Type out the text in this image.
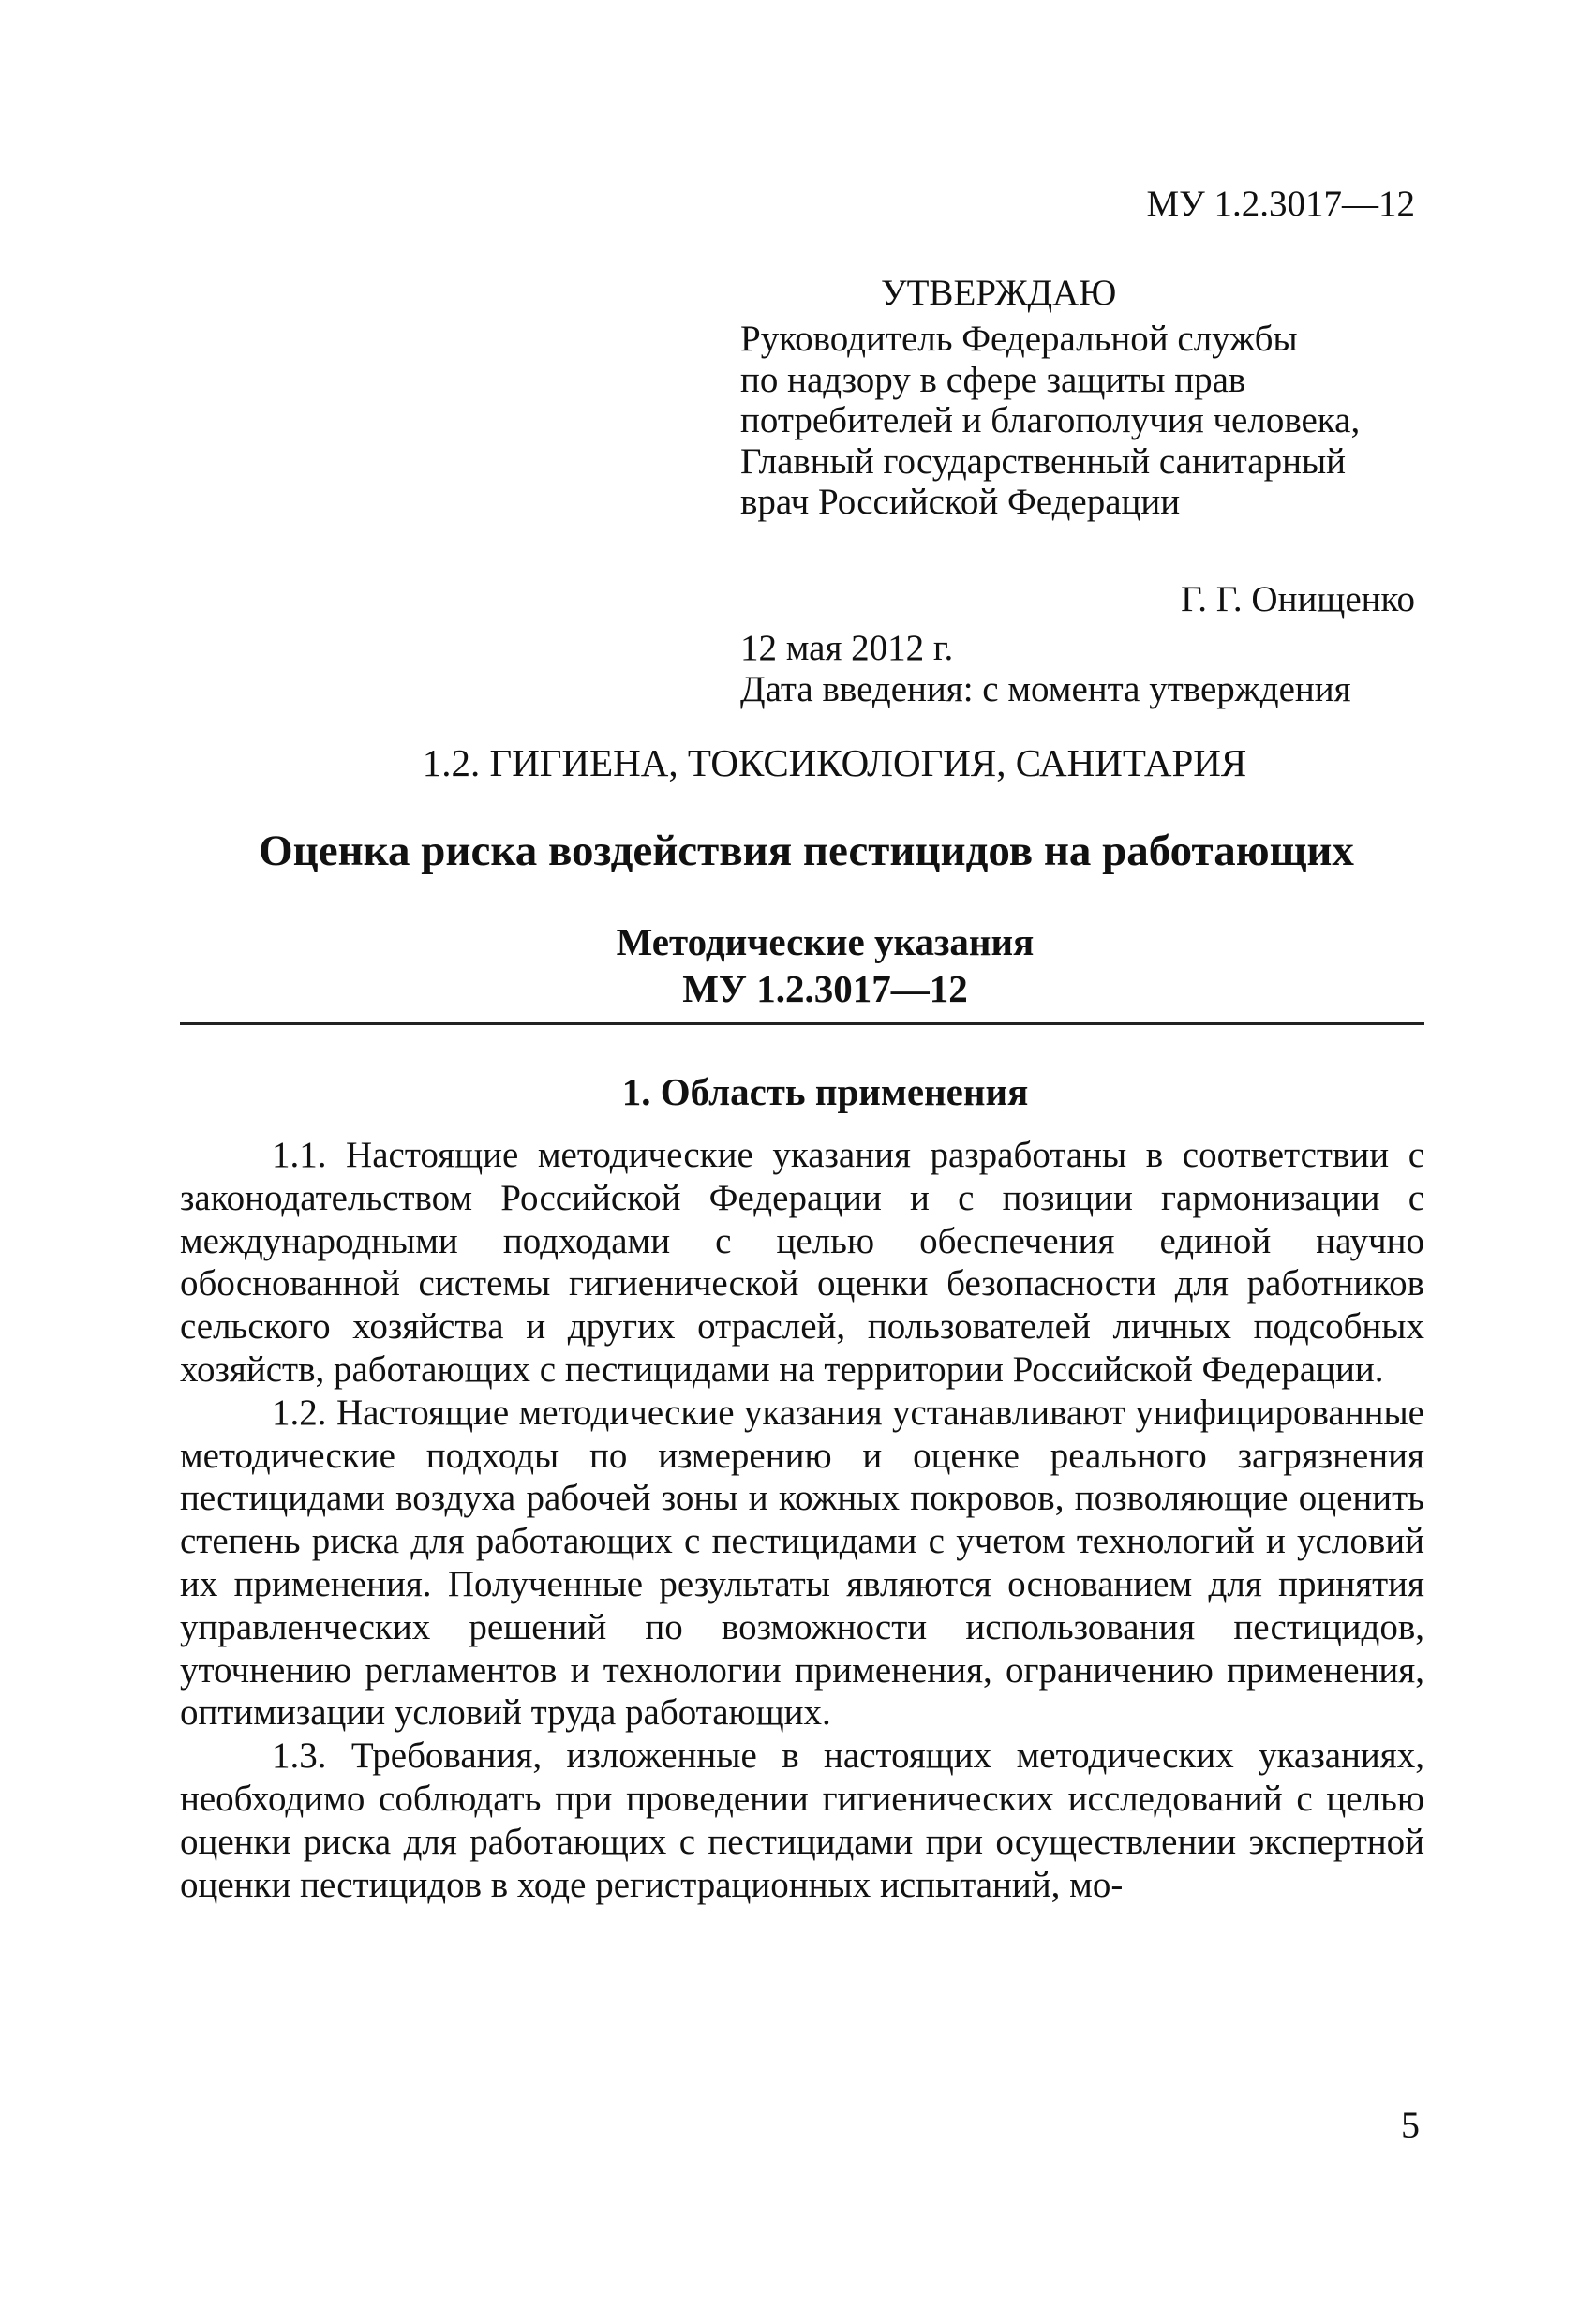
МУ 1.2.3017—12
УТВЕРЖДАЮ
Руководитель Федеральной службы
по надзору в сфере защиты прав
потребителей и благополучия человека,
Главный государственный санитарный
врач Российской Федерации
Г. Г. Онищенко
12 мая 2012 г.
Дата введения: с момента утверждения
1.2. ГИГИЕНА, ТОКСИКОЛОГИЯ, САНИТАРИЯ
Оценка риска воздействия пестицидов на работающих
Методические указания
МУ 1.2.3017—12
1. Область применения

1.1. Настоящие методические указания разработаны в соответствии с законодательством Российской Федерации и с позиции гармонизации с международными подходами с целью обеспечения единой научно обоснованной системы гигиенической оценки безопасности для работников сельского хозяйства и других отраслей, пользователей личных подсобных хозяйств, работающих с пестицидами на территории Российской Федерации.

1.2. Настоящие методические указания устанавливают унифицированные методические подходы по измерению и оценке реального загрязнения пестицидами воздуха рабочей зоны и кожных покровов, позволяющие оценить степень риска для работающих с пестицидами с учетом технологий и условий их применения. Полученные результаты являются основанием для принятия управленческих решений по возможности использования пестицидов, уточнению регламентов и технологии применения, ограничению применения, оптимизации условий труда работающих.

1.3. Требования, изложенные в настоящих методических указаниях, необходимо соблюдать при проведении гигиенических исследований с целью оценки риска для работающих с пестицидами при осуществлении экспертной оценки пестицидов в ходе регистрационных испытаний, мо-

5
